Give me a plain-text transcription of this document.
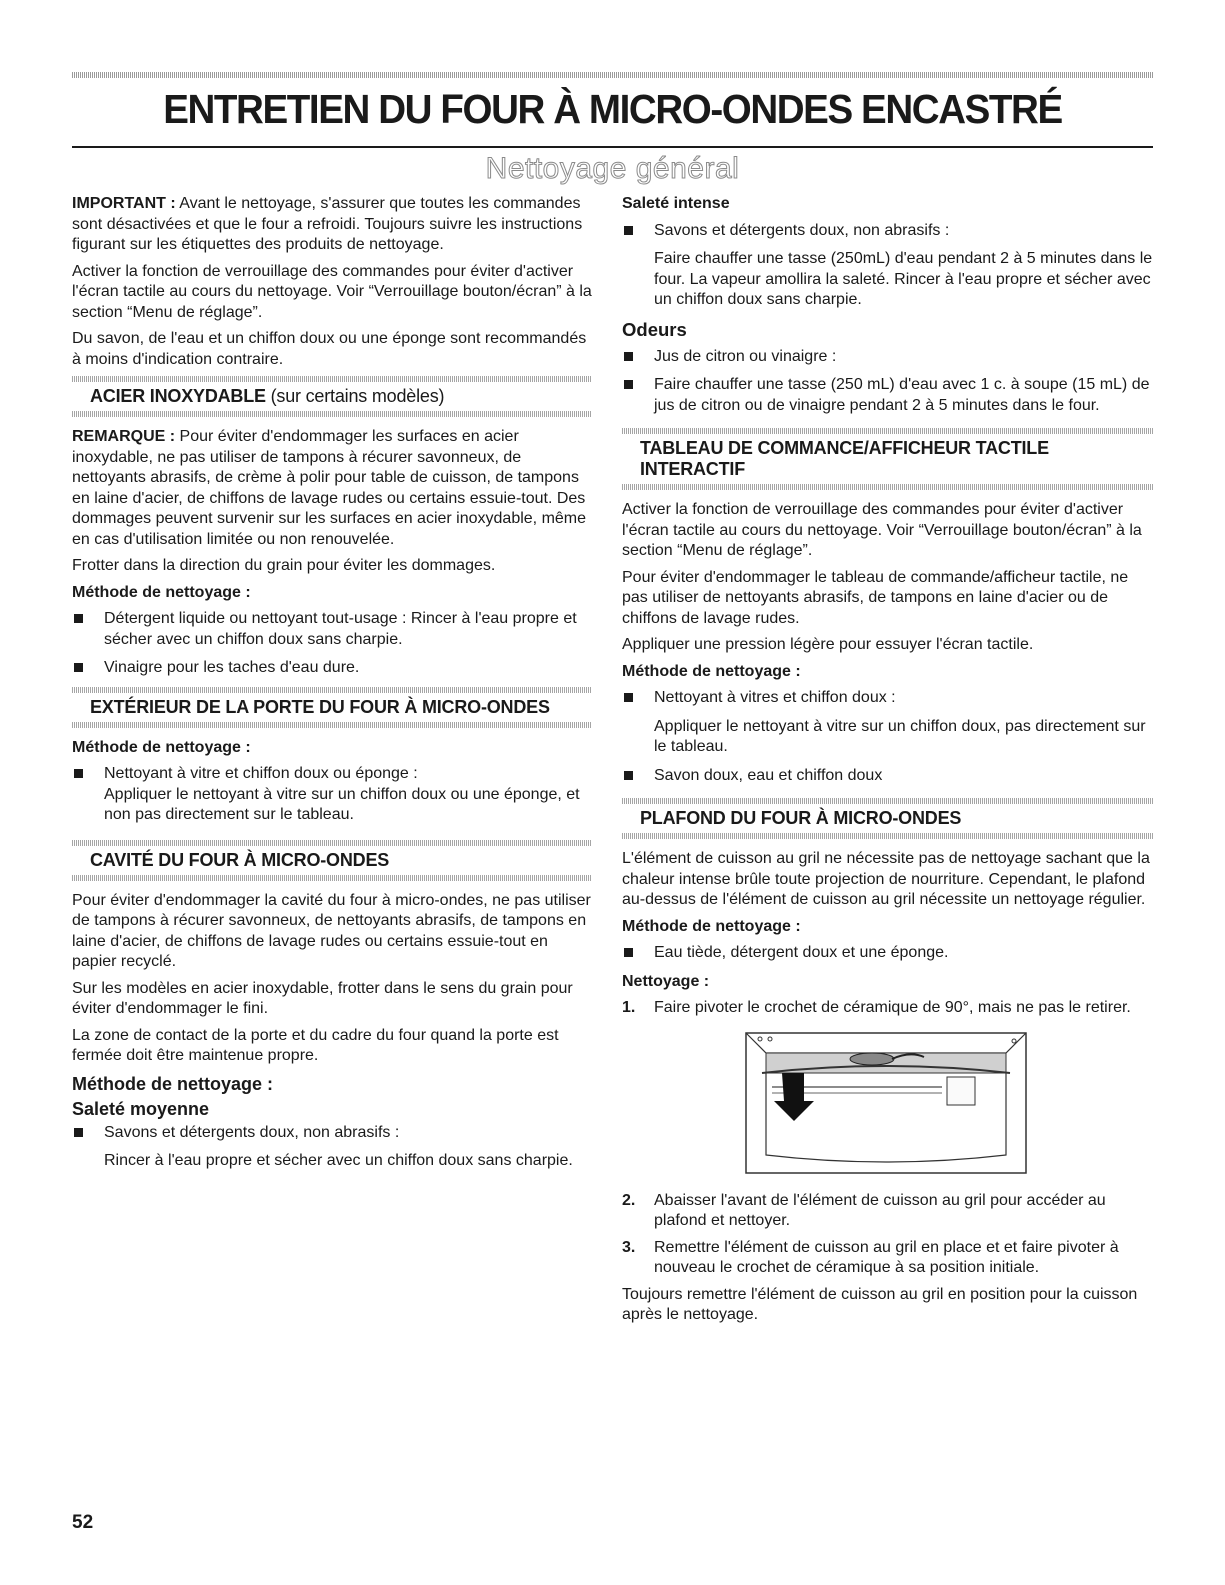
ENTRETIEN DU FOUR À MICRO-ONDES ENCASTRÉ
Nettoyage général

IMPORTANT : Avant le nettoyage, s'assurer que toutes les commandes sont désactivées et que le four a refroidi. Toujours suivre les instructions figurant sur les étiquettes des produits de nettoyage.

Activer la fonction de verrouillage des commandes pour éviter d'activer l'écran tactile au cours du nettoyage. Voir “Verrouillage bouton/écran” à la section “Menu de réglage”.

Du savon, de l'eau et un chiffon doux ou une éponge sont recommandés à moins d'indication contraire.

ACIER INOXYDABLE (sur certains modèles)

REMARQUE : Pour éviter d'endommager les surfaces en acier inoxydable, ne pas utiliser de tampons à récurer savonneux, de nettoyants abrasifs, de crème à polir pour table de cuisson, de tampons en laine d'acier, de chiffons de lavage rudes ou certains essuie-tout. Des dommages peuvent survenir sur les surfaces en acier inoxydable, même en cas d'utilisation limitée ou non renouvelée.

Frotter dans la direction du grain pour éviter les dommages.

Méthode de nettoyage :
Détergent liquide ou nettoyant tout-usage : Rincer à l'eau propre et sécher avec un chiffon doux sans charpie.
Vinaigre pour les taches d'eau dure.
EXTÉRIEUR DE LA PORTE DU FOUR À MICRO-ONDES
Méthode de nettoyage :
Nettoyant à vitre et chiffon doux ou éponge :
Appliquer le nettoyant à vitre sur un chiffon doux ou une éponge, et non pas directement sur le tableau.
CAVITÉ DU FOUR À MICRO-ONDES

Pour éviter d'endommager la cavité du four à micro-ondes, ne pas utiliser de tampons à récurer savonneux, de nettoyants abrasifs, de tampons en laine d'acier, de chiffons de lavage rudes ou certains essuie-tout en papier recyclé.

Sur les modèles en acier inoxydable, frotter dans le sens du grain pour éviter d'endommager le fini.

La zone de contact de la porte et du cadre du four quand la porte est fermée doit être maintenue propre.

Méthode de nettoyage :
Saleté moyenne
Savons et détergents doux, non abrasifs :
Rincer à l'eau propre et sécher avec un chiffon doux sans charpie.
Saleté intense
Savons et détergents doux, non abrasifs :
Faire chauffer une tasse (250mL) d'eau pendant 2 à 5 minutes dans le four. La vapeur amollira la saleté. Rincer à l'eau propre et sécher avec un chiffon doux sans charpie.
Odeurs
Jus de citron ou vinaigre :
Faire chauffer une tasse (250 mL) d'eau avec 1 c. à soupe (15 mL) de jus de citron ou de vinaigre pendant 2 à 5 minutes dans le four.
TABLEAU DE COMMANCE/AFFICHEUR TACTILE INTERACTIF

Activer la fonction de verrouillage des commandes pour éviter d'activer l'écran tactile au cours du nettoyage. Voir “Verrouillage bouton/écran” à la section “Menu de réglage”.

Pour éviter d'endommager le tableau de commande/afficheur tactile, ne pas utiliser de nettoyants abrasifs, de tampons en laine d'acier ou de chiffons de lavage rudes.

Appliquer une pression légère pour essuyer l'écran tactile.

Méthode de nettoyage :
Nettoyant à vitres et chiffon doux :
Appliquer le nettoyant à vitre sur un chiffon doux, pas directement sur le tableau.
Savon doux, eau et chiffon doux
PLAFOND DU FOUR À MICRO-ONDES

L'élément de cuisson au gril ne nécessite pas de nettoyage sachant que la chaleur intense brûle toute projection de nourriture. Cependant, le plafond au-dessus de l'élément de cuisson au gril nécessite un nettoyage régulier.

Méthode de nettoyage :
Eau tiède, détergent doux et une éponge.
Nettoyage :
1. Faire pivoter le crochet de céramique de 90°, mais ne pas le retirer.
2. Abaisser l'avant de l'élément de cuisson au gril pour accéder au plafond et nettoyer.
3. Remettre l'élément de cuisson au gril en place et et faire pivoter à nouveau le crochet de céramique à sa position initiale.

Toujours remettre l'élément de cuisson au gril en position pour la cuisson après le nettoyage.

52
